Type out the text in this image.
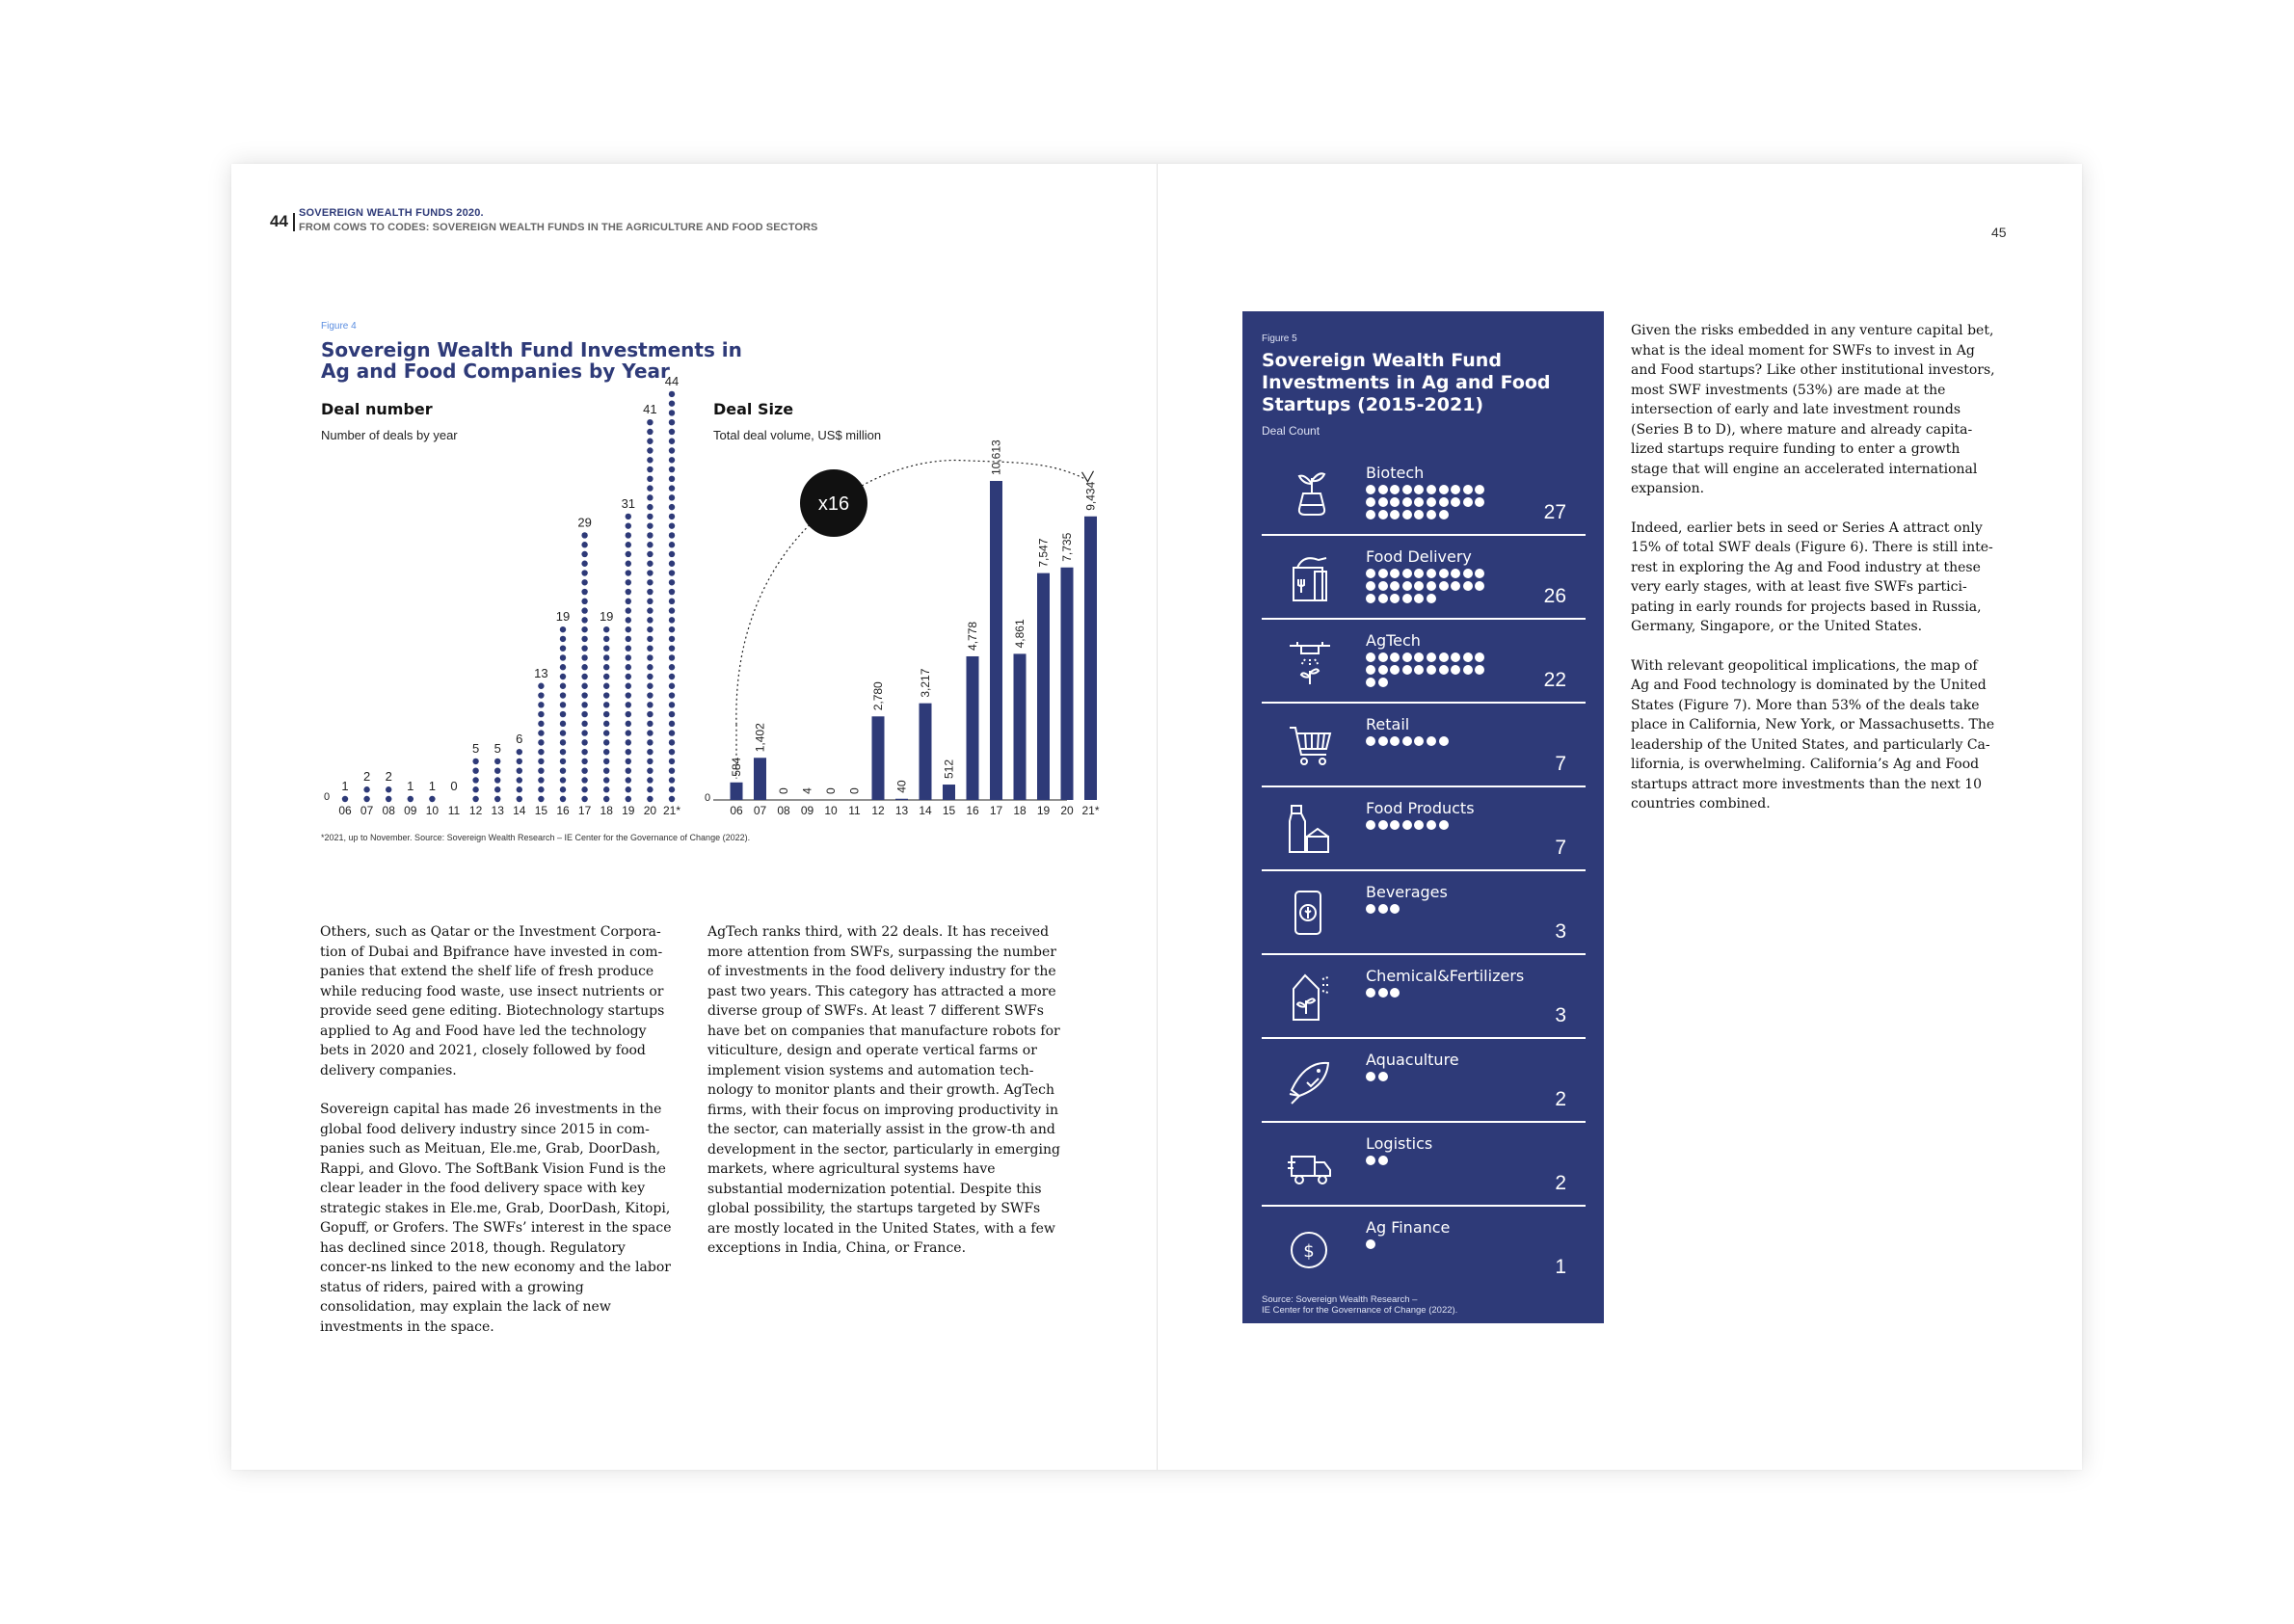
44 SOVEREIGN WEALTH FUNDS 2020.
FROM COWS TO CODES: SOVEREIGN WEALTH FUNDS IN THE AGRICULTURE AND FOOD SECTORS	45
Figure 4
Sovereign Wealth Fund Investments in Ag and Food Companies by Year
Deal number
Number of deals by year
Deal Size
Total deal volume, US$ million
0
1
06
2
07
2
08
1
09
1
10
0
11
5
12
5
13
6
14
13
15
19
16
29
17
19
18
31
19
41
20
44
21*
0
584
06
1,402
07
0
08
4
09
0
10
0
11
2,780
12
40
13
3,217
14
512
15
4,778
16
10,613
17
4,861
18
7,547
19
7,735
20
9,434
21*
x16
*2021, up to November. Source: Sovereign Wealth Research – IE Center for the Governance of Change (2022).

Others, such as Qatar or the Investment Corpora-tion of Dubai and Bpifrance have invested in com-panies that extend the shelf life of fresh produce while reducing food waste, use insect nutrients or provide seed gene editing. Biotechnology startups applied to Ag and Food have led the technology bets in 2020 and 2021, closely followed by food delivery companies.

Sovereign capital has made 26 investments in the global food delivery industry since 2015 in com-panies such as Meituan, Ele.me, Grab, DoorDash, Rappi, and Glovo. The SoftBank Vision Fund is the clear leader in the food delivery space with key strategic stakes in Ele.me, Grab, DoorDash, Kitopi, Gopuff, or Grofers. The SWFs’ interest in the space has declined since 2018, though. Regulatory concer-ns linked to the new economy and the labor status of riders, paired with a growing consolidation, may explain the lack of new investments in the space.

AgTech ranks third, with 22 deals. It has received more attention from SWFs, surpassing the number of investments in the food delivery industry for the past two years. This category has attracted a more diverse group of SWFs. At least 7 different SWFs have bet on companies that manufacture robots for viticulture, design and operate vertical farms or implement vision systems and automation tech-nology to monitor plants and their growth. AgTech firms, with their focus on improving productivity in the sector, can materially assist in the grow-th and development in the sector, particularly in emerging markets, where agricultural systems have substantial modernization potential. Despite this global possibility, the startups targeted by SWFs are mostly located in the United States, with a few exceptions in India, China, or France.

Figure 5
Sovereign Wealth Fund Investments in Ag and Food Startups (2015-2021)
Deal Count
Biotech
27
Food Delivery
26
AgTech
22
Retail
7
Food Products
7
Beverages
3
Chemical&Fertilizers
3
Aquaculture
2
Logistics
2
$
Ag Finance
1
Source: Sovereign Wealth Research –
IE Center for the Governance of Change (2022).

Given the risks embedded in any venture capital bet, what is the ideal moment for SWFs to invest in Ag and Food startups? Like other institutional investors, most SWF investments (53%) are made at the intersection of early and late investment rounds (Series B to D), where mature and already capita-lized startups require funding to enter a growth stage that will engine an accelerated international expansion.

Indeed, earlier bets in seed or Series A attract only 15% of total SWF deals (Figure 6). There is still inte-rest in exploring the Ag and Food industry at these very early stages, with at least five SWFs partici-pating in early rounds for projects based in Russia, Germany, Singapore, or the United States.

With relevant geopolitical implications, the map of Ag and Food technology is dominated by the United States (Figure 7). More than 53% of the deals take place in California, New York, or Massachusetts. The leadership of the United States, and particularly Ca-lifornia, is overwhelming. California’s Ag and Food startups attract more investments than the next 10 countries combined.
